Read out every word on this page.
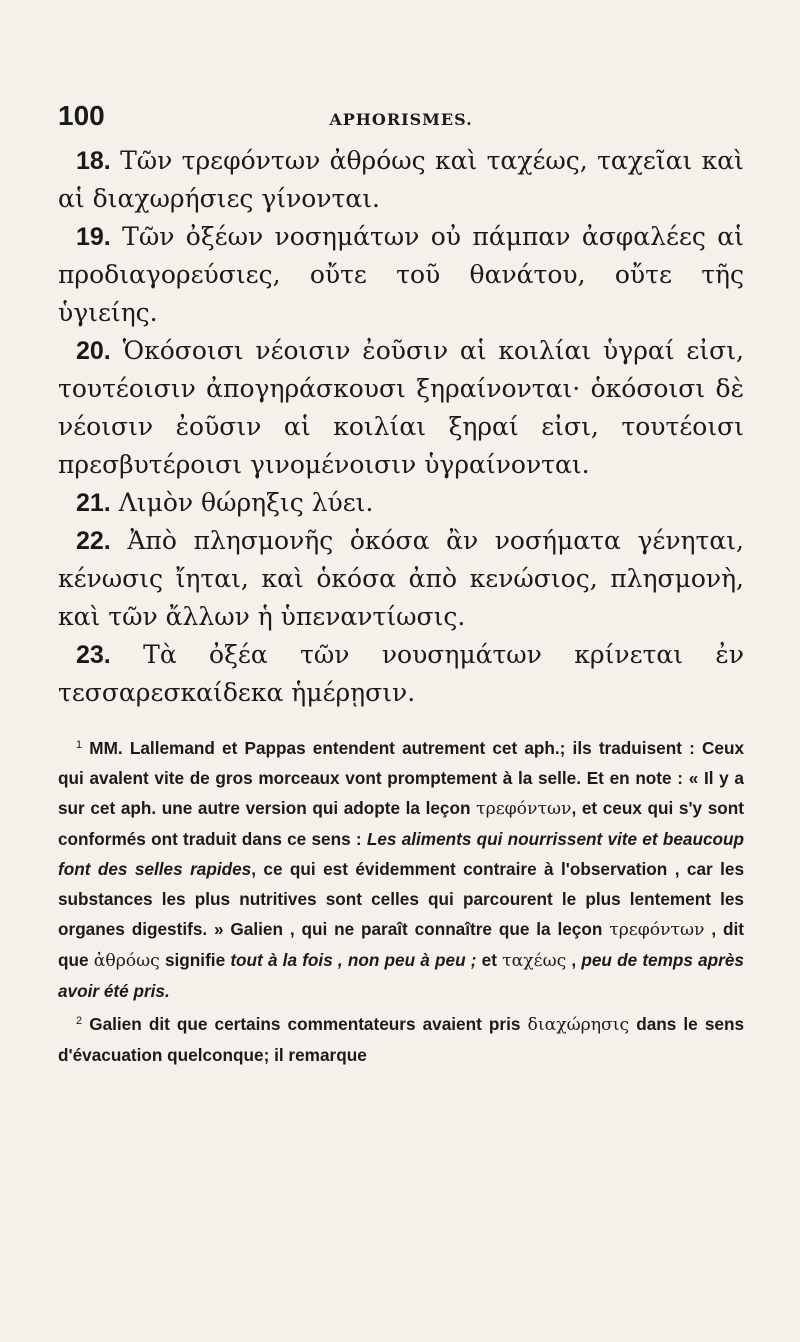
100	APHORISMES.

18. Τῶν τρεφόντων ἀθρόως καὶ ταχέως, ταχεῖαι καὶ αἱ διαχωρήσιες γίνονται.

19. Τῶν ὀξέων νοσημάτων οὐ πάμπαν ἀσφαλέες αἱ προδιαγορεύσιες, οὔτε τοῦ θανάτου, οὔτε τῆς ὑγιείης.

20. Ὁκόσοισι νέοισιν ἐοῦσιν αἱ κοιλίαι ὑγραί εἰσι, τουτέοισιν ἀπογηράσκουσι ξηραίνονται· ὁκόσοισι δὲ νέοισιν ἐοῦσιν αἱ κοιλίαι ξηραί εἰσι, τουτέοισι πρεσβυτέροισι γινομένοισιν ὑγραίνονται.

21. Λιμὸν θώρηξις λύει.

22. Ἀπὸ πλησμονῆς ὁκόσα ἂν νοσήματα γένηται, κένωσις ἴηται, καὶ ὁκόσα ἀπὸ κενώσιος, πλησμονὴ, καὶ τῶν ἄλλων ἡ ὑπεναντίωσις.

23. Τὰ ὀξέα τῶν νουσημάτων κρίνεται ἐν τεσσαρεσκαίδεκα ἡμέρῃσιν.

$^1$ MM. Lallemand et Pappas entendent autrement cet aph.; ils traduisent : Ceux qui avalent vite de gros morceaux vont promptement à la selle. Et en note : « Il y a sur cet aph. une autre version qui adopte la leçon τρεφόντων, et ceux qui s'y sont conformés ont traduit dans ce sens : Les aliments qui nourrissent vite et beaucoup font des selles rapides, ce qui est évidemment contraire à l'observation , car les substances les plus nutritives sont celles qui parcourent le plus lentement les organes digestifs. » Galien , qui ne paraît connaître que la leçon τρεφόντων , dit que ἀθρόως signifie tout à la fois , non peu à peu ; et ταχέως , peu de temps après avoir été pris.

$^2$ Galien dit que certains commentateurs avaient pris διαχώρησις dans le sens d'évacuation quelconque; il remarque
